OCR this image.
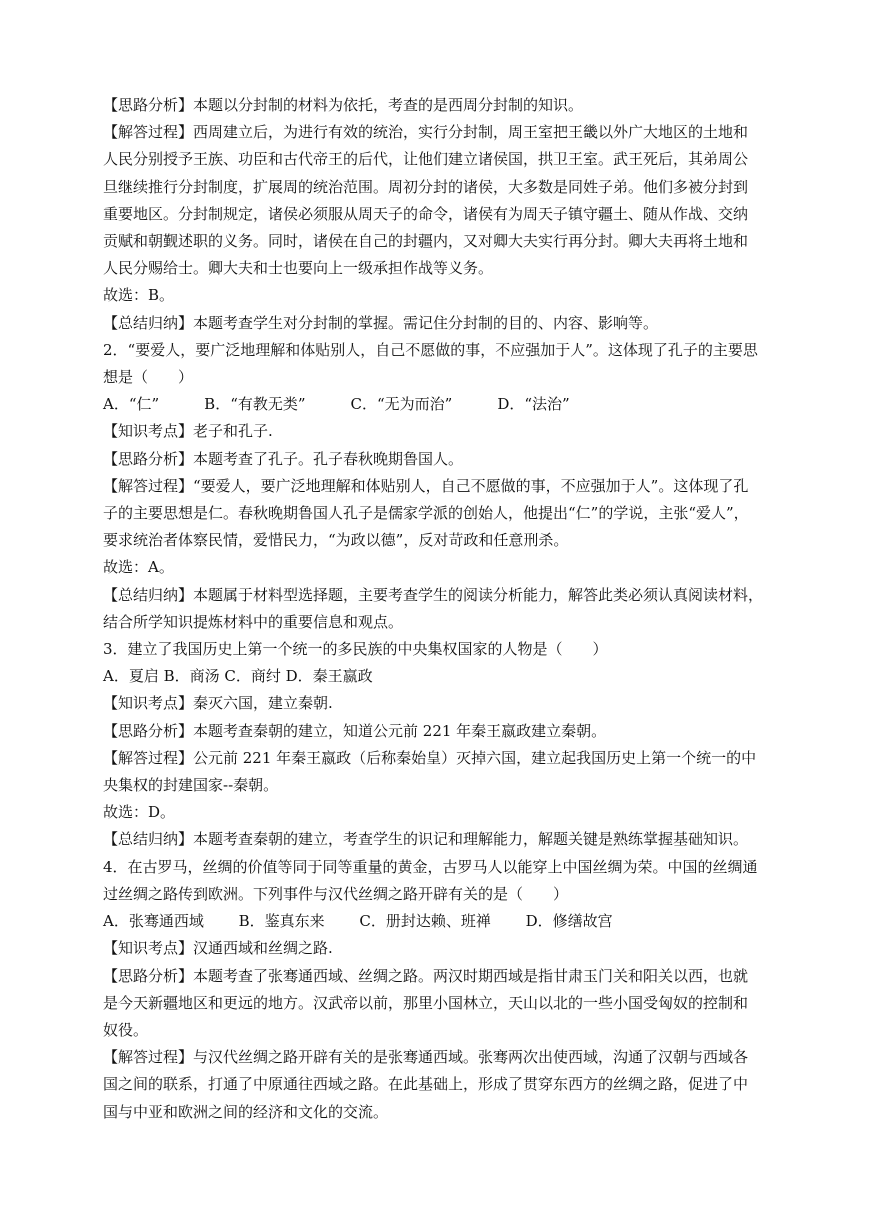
【思路分析】本题以分封制的材料为依托，考查的是西周分封制的知识。

【解答过程】西周建立后，为进行有效的统治，实行分封制，周王室把王畿以外广大地区的土地和

人民分别授予王族、功臣和古代帝王的后代，让他们建立诸侯国，拱卫王室。武王死后，其弟周公

旦继续推行分封制度，扩展周的统治范围。周初分封的诸侯，大多数是同姓子弟。他们多被分封到

重要地区。分封制规定，诸侯必须服从周天子的命令，诸侯有为周天子镇守疆土、随从作战、交纳

贡赋和朝觐述职的义务。同时，诸侯在自己的封疆内，又对卿大夫实行再分封。卿大夫再将土地和

人民分赐给士。卿大夫和士也要向上一级承担作战等义务。

故选：B。

【总结归纳】本题考查学生对分封制的掌握。需记住分封制的目的、内容、影响等。

2．“要爱人，要广泛地理解和体贴别人，自己不愿做的事，不应强加于人”。这体现了孔子的主要思

想是（　　）

A．“仁”　　　B．“有教无类”　　　C．“无为而治”　　　D．“法治”

【知识考点】老子和孔子.

【思路分析】本题考查了孔子。孔子春秋晚期鲁国人。

【解答过程】“要爱人，要广泛地理解和体贴别人，自己不愿做的事，不应强加于人”。这体现了孔

子的主要思想是仁。春秋晚期鲁国人孔子是儒家学派的创始人，他提出“仁”的学说，主张“爱人”，

要求统治者体察民情，爱惜民力，“为政以德”，反对苛政和任意刑杀。

故选：A。

【总结归纳】本题属于材料型选择题，主要考查学生的阅读分析能力，解答此类必须认真阅读材料，

结合所学知识提炼材料中的重要信息和观点。

3．建立了我国历史上第一个统一的多民族的中央集权国家的人物是（　　）

A．夏启 B．商汤 C．商纣 D．秦王嬴政

【知识考点】秦灭六国，建立秦朝.

【思路分析】本题考查秦朝的建立，知道公元前 221 年秦王嬴政建立秦朝。

【解答过程】公元前 221 年秦王嬴政（后称秦始皇）灭掉六国，建立起我国历史上第一个统一的中

央集权的封建国家--秦朝。

故选：D。

【总结归纳】本题考查秦朝的建立，考查学生的识记和理解能力，解题关键是熟练掌握基础知识。

4．在古罗马，丝绸的价值等同于同等重量的黄金，古罗马人以能穿上中国丝绸为荣。中国的丝绸通

过丝绸之路传到欧洲。下列事件与汉代丝绸之路开辟有关的是（　　）

A．张骞通西域　　 B．鉴真东来　　 C．册封达赖、班禅　　 D．修缮故宫

【知识考点】汉通西域和丝绸之路.

【思路分析】本题考查了张骞通西域、丝绸之路。两汉时期西域是指甘肃玉门关和阳关以西，也就

是今天新疆地区和更远的地方。汉武帝以前，那里小国林立，天山以北的一些小国受匈奴的控制和

奴役。

【解答过程】与汉代丝绸之路开辟有关的是张骞通西域。张骞两次出使西域，沟通了汉朝与西域各

国之间的联系，打通了中原通往西域之路。在此基础上，形成了贯穿东西方的丝绸之路，促进了中

国与中亚和欧洲之间的经济和文化的交流。
